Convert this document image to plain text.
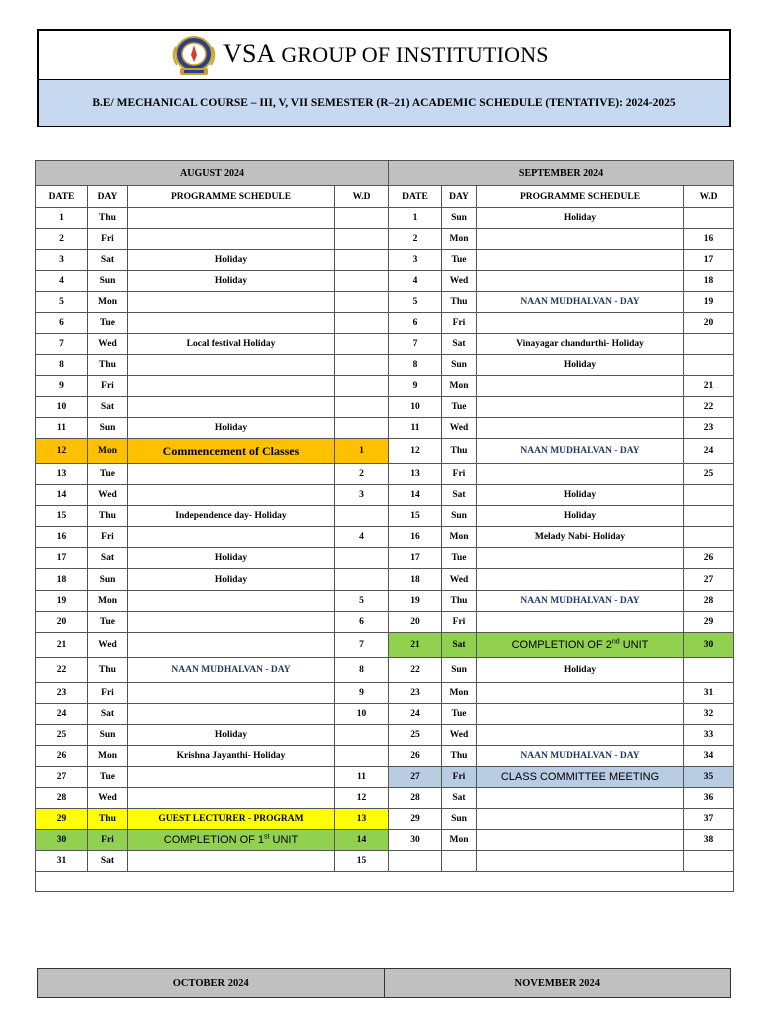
VSA GROUP OF INSTITUTIONS
B.E/ MECHANICAL COURSE – III, V, VII SEMESTER (R–21) ACADEMIC SCHEDULE (TENTATIVE): 2024-2025
AUGUST 2024				SEPTEMBER 2024			
DATE	DAY	PROGRAMME SCHEDULE	W.D	DATE	DAY	PROGRAMME SCHEDULE	W.D
1	Thu			1	Sun	Holiday	
2	Fri			2	Mon		16
3	Sat	Holiday		3	Tue		17
4	Sun	Holiday		4	Wed		18
5	Mon			5	Thu	NAAN MUDHALVAN - DAY	19
6	Tue			6	Fri		20
7	Wed	Local festival Holiday		7	Sat	Vinayagar chandurthi- Holiday	
8	Thu			8	Sun	Holiday	
9	Fri			9	Mon		21
10	Sat			10	Tue		22
11	Sun	Holiday		11	Wed		23
12	Mon	Commencement of Classes	1	12	Thu	NAAN MUDHALVAN - DAY	24
13	Tue		2	13	Fri		25
14	Wed		3	14	Sat	Holiday	
15	Thu	Independence day- Holiday		15	Sun	Holiday	
16	Fri		4	16	Mon	Melady Nabi- Holiday	
17	Sat	Holiday		17	Tue		26
18	Sun	Holiday		18	Wed		27
19	Mon		5	19	Thu	NAAN MUDHALVAN - DAY	28
20	Tue		6	20	Fri		29
21	Wed		7	21	Sat	COMPLETION OF 2nd UNIT	30
22	Thu	NAAN MUDHALVAN - DAY	8	22	Sun	Holiday	
23	Fri		9	23	Mon		31
24	Sat		10	24	Tue		32
25	Sun	Holiday		25	Wed		33
26	Mon	Krishna Jayanthi- Holiday		26	Thu	NAAN MUDHALVAN - DAY	34
27	Tue		11	27	Fri	CLASS COMMITTEE MEETING	35
28	Wed		12	28	Sat		36
29	Thu	GUEST LECTURER - PROGRAM	13	29	Sun		37
30	Fri	COMPLETION OF 1st UNIT	14	30	Mon		38
31	Sat		15				

OCTOBER 2024	NOVEMBER 2024
